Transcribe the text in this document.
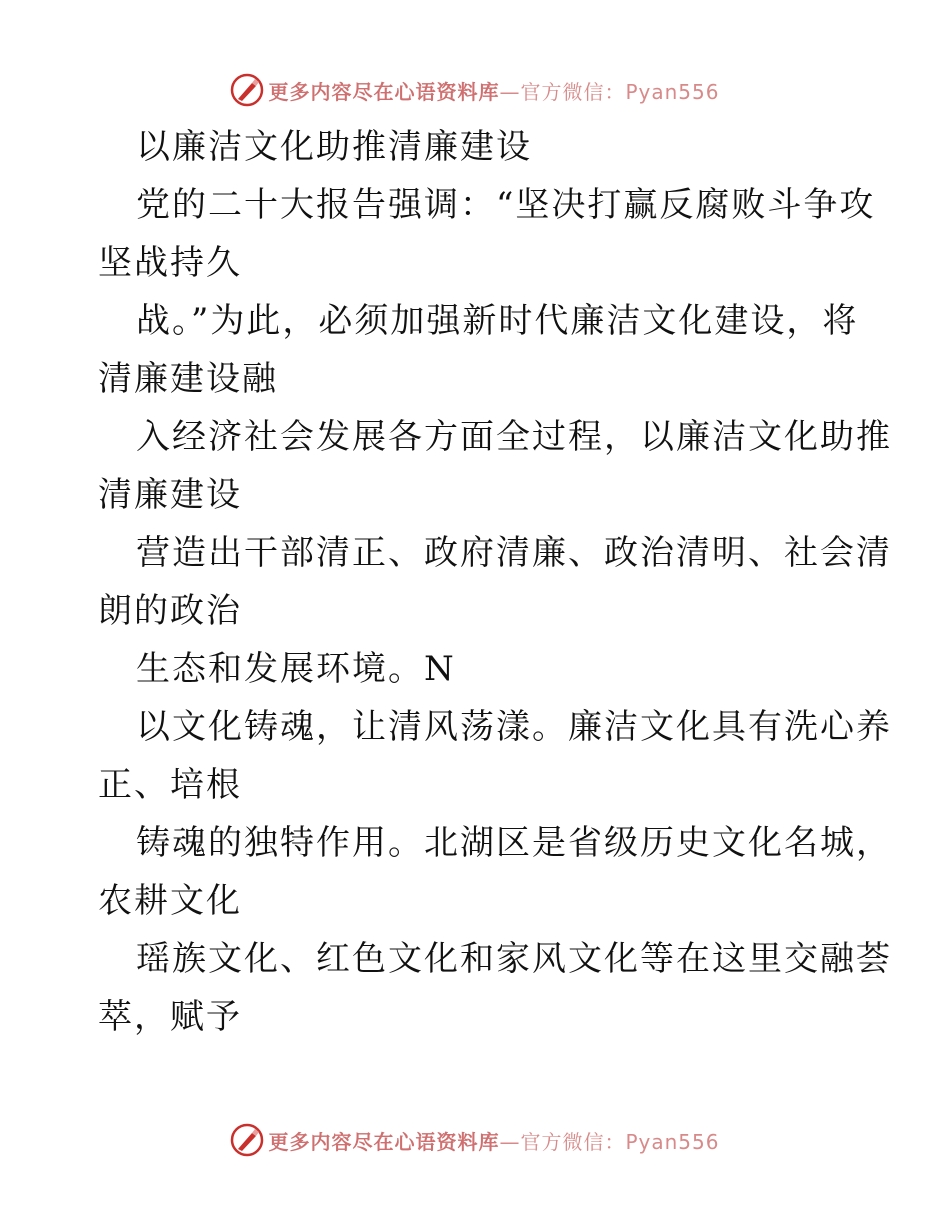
更多内容尽在心语资料库—官方微信：Pyan556
以廉洁文化助推清廉建设
党的二十大报告强调：“坚决打赢反腐败斗争攻
坚战持久
战。”为此，必须加强新时代廉洁文化建设，将
清廉建设融
入经济社会发展各方面全过程，以廉洁文化助推
清廉建设
营造出干部清正、政府清廉、政治清明、社会清
朗的政治
生态和发展环境。N
以文化铸魂，让清风荡漾。廉洁文化具有洗心养
正、培根
铸魂的独特作用。北湖区是省级历史文化名城，
农耕文化
瑶族文化、红色文化和家风文化等在这里交融荟
萃，赋予
更多内容尽在心语资料库—官方微信：Pyan556
